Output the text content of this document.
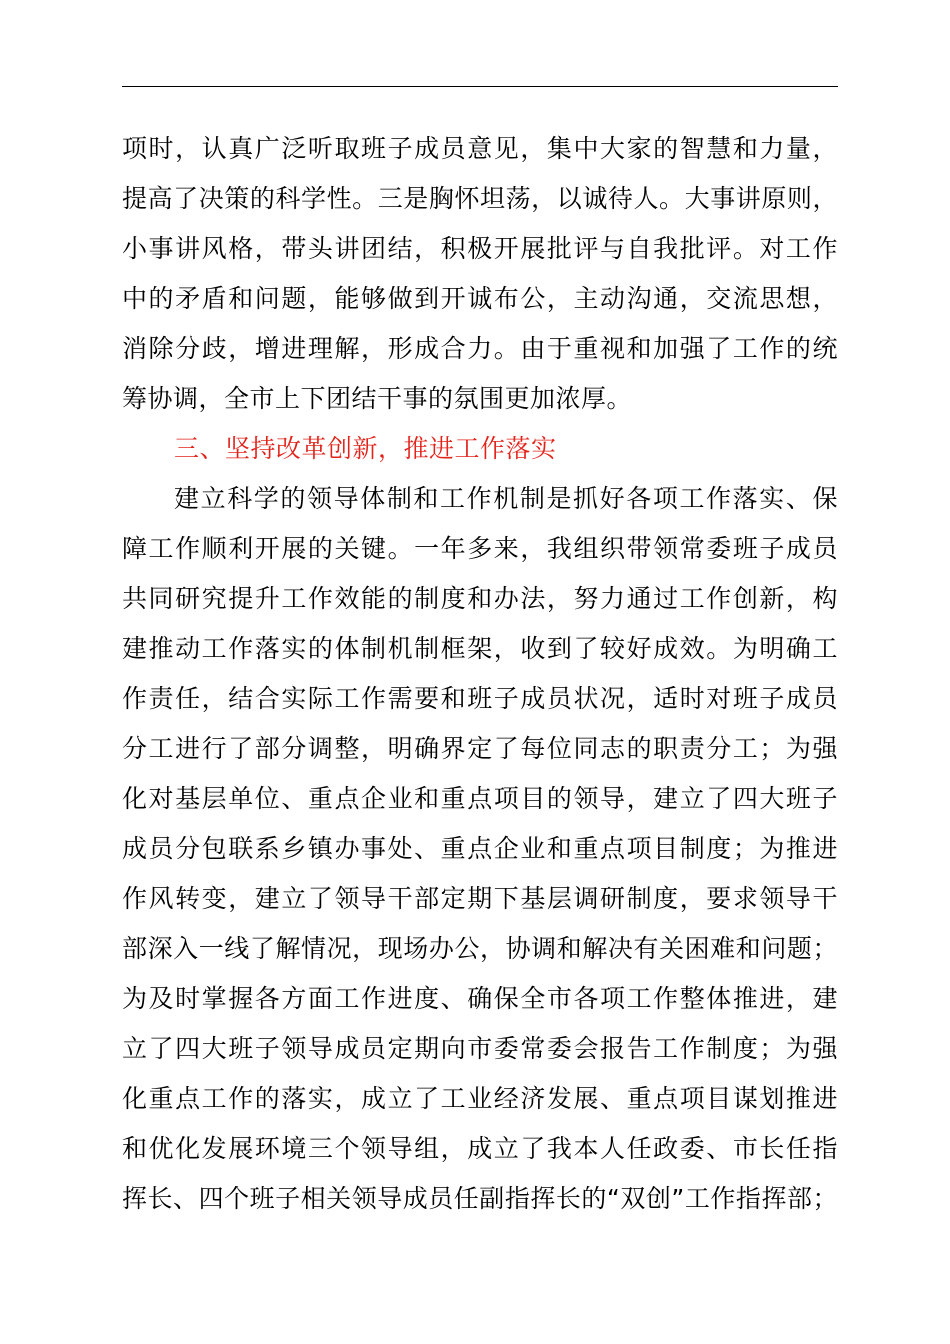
项时，认真广泛听取班子成员意见，集中大家的智慧和力量，
提高了决策的科学性。三是胸怀坦荡，以诚待人。大事讲原则，
小事讲风格，带头讲团结，积极开展批评与自我批评。对工作
中的矛盾和问题，能够做到开诚布公，主动沟通，交流思想，
消除分歧，增进理解，形成合力。由于重视和加强了工作的统
筹协调，全市上下团结干事的氛围更加浓厚。
三、坚持改革创新，推进工作落实
建立科学的领导体制和工作机制是抓好各项工作落实、保
障工作顺利开展的关键。一年多来，我组织带领常委班子成员
共同研究提升工作效能的制度和办法，努力通过工作创新，构
建推动工作落实的体制机制框架，收到了较好成效。为明确工
作责任，结合实际工作需要和班子成员状况，适时对班子成员
分工进行了部分调整，明确界定了每位同志的职责分工；为强
化对基层单位、重点企业和重点项目的领导，建立了四大班子
成员分包联系乡镇办事处、重点企业和重点项目制度；为推进
作风转变，建立了领导干部定期下基层调研制度，要求领导干
部深入一线了解情况，现场办公，协调和解决有关困难和问题；
为及时掌握各方面工作进度、确保全市各项工作整体推进，建
立了四大班子领导成员定期向市委常委会报告工作制度；为强
化重点工作的落实，成立了工业经济发展、重点项目谋划推进
和优化发展环境三个领导组，成立了我本人任政委、市长任指
挥长、四个班子相关领导成员任副指挥长的“双创”工作指挥部；
